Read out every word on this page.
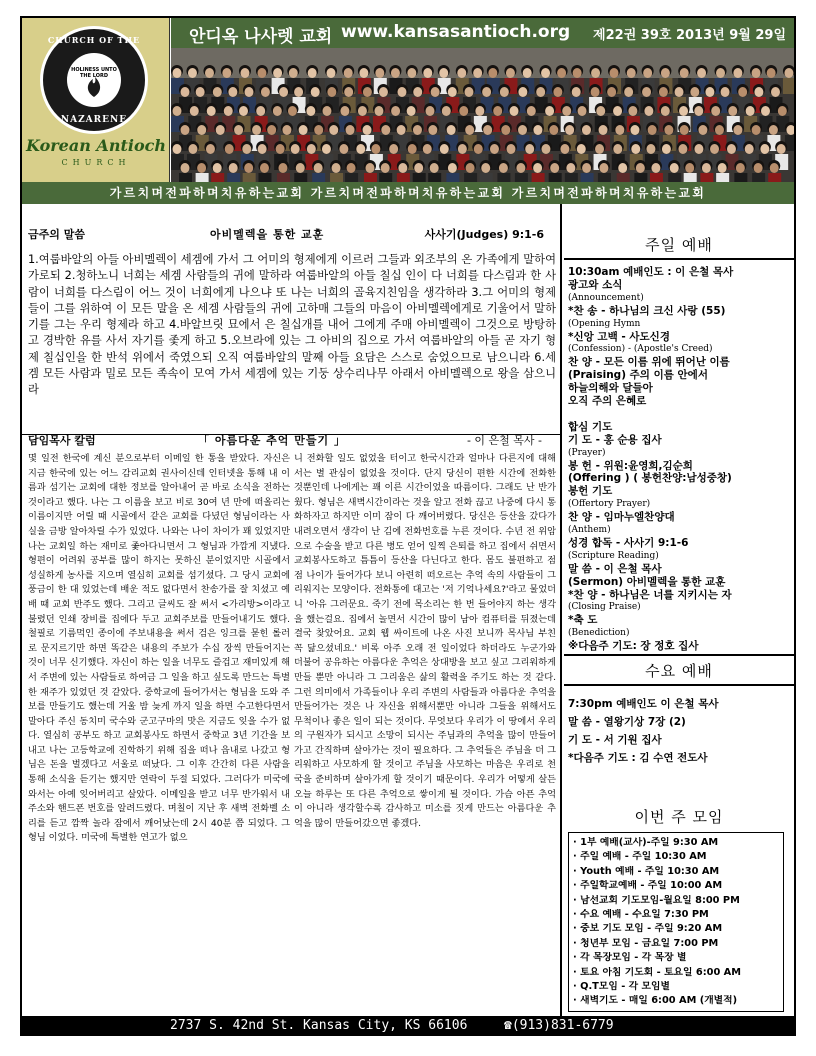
CHURCH OF THE
HOLINESS UNTO THE LORD
NAZARENE
Korean Antioch
CHURCH
안디옥 나사렛 교회 www.kansasantioch.org 제22권 39호 2013년 9월 29일
가르치며전파하며치유하는교회 가르치며전파하며치유하는교회 가르치며전파하며치유하는교회
금주의 말씀	아비멜렉을 통한 교훈	사사기(Judges) 9:1-6
1.여룹바알의 아들 아비멜렉이 세겜에 가서 그 어미의 형제에게 이르러 그들과 외조부의 온 가족에게 말하여 가로되 2.청하노니 너희는 세겜 사람들의 귀에 말하라 여룹바알의 아들 칠십 인이 다 너희를 다스림과 한 사람이 너희를 다스림이 어느 것이 너희에게 나으냐 또 나는 너희의 골육지친임을 생각하라 3.그 어미의 형제들이 그를 위하여 이 모든 말을 온 세겜 사람들의 귀에 고하매 그들의 마음이 아비멜렉에게로 기울어서 말하기를 그는 우리 형제라 하고 4.바알브릿 묘에서 은 칠십개를 내어 그에게 주매 아비멜렉이 그것으로 방탕하고 경박한 유를 사서 자기를 좇게 하고 5.오브라에 있는 그 아비의 집으로 가서 여룹바알의 아들 곧 자기 형제 칠십인을 한 반석 위에서 죽였으되 오직 여룹바알의 말째 아들 요담은 스스로 숨었으므로 남으니라 6.세겜 모든 사람과 밀로 모든 족속이 모여 가서 세겜에 있는 기둥 상수리나무 아래서 아비멜렉으로 왕을 삼으니라
담임목사 칼럼	「 아름다운 추억 만들기 」	- 이 은철 목사 -
몇 일전 한국에 계신 분으로부터 이메일 한 통을 받았다. 자신은 지금 한국에 있는 어느 감리교회 권사이신데 인터넷을 통해 내 이름과 섬기는 교회에 대한 정보를 알아내어 곧 바로 소식을 전하는 것이라고 했다. 나는 그 이름을 보고 비로 30여 년 만에 떠올리는 이름이지만 어릴 때 시골에서 같은 교회를 다녔던 형님이라는 사실을 금방 알아차릴 수가 있었다. 나와는 나이 차이가 꽤 있었지만 나는 교회일 하는 재미로 좇아다니면서 그 형님과 가깝게 지냈다. 형편이 어려워 공부를 많이 하지는 못하신 분이었지만 시골에서 성실하게 농사를 지으며 열심히 교회를 섬기셨다. 그 당시 교회에 풍금이 한 대 있었는데 배운 적도 없다면서 찬송가를 잘 치셨고 예배 때 교회 반주도 했다. 그리고 글씨도 잘 써서 <가리방>이라고 불렸던 인쇄 장비를 집에다 두고 교회주보를 만들어내기도 했다. 철필로 기름먹인 종이에 주보내용을 써서 검은 잉크를 묻힌 롤러로 문지르기만 하면 똑같은 내용의 주보가 수십 장씩 만들어지는 것이 너무 신기했다. 자신이 하는 일을 너무도 즐겁고 재미있게 해서 주변에 있는 사람들로 하여금 그 일을 하고 싶도록 만드는 특별한 재주가 있었던 것 같았다. 중학교에 들어가서는 형님을 도와 주보를 만들기도 했는데 거울 밤 늦게 까지 일을 하면 수고한다면서 말아다 주신 동치미 국수와 군고구마의 맛은 지금도 잊을 수가 없다. 열심히 공부도 하고 교회봉사도 하면서 중학교 3년 기간을 보내고 나는 고등학교에 진학하기 위해 집을 떠나 읍내로 나갔고 형님은 돈을 벌겠다고 서울로 떠났다. 그 이후 간간히 다른 사람을 통해 소식을 듣기는 했지만 연락이 두절 되었다. 그러다가 미국에 와서는 아예 잊어버리고 살았다. 이메일을 받고 너무 반가워서 내 주소와 핸드폰 번호를 알려드렸다. 며칠이 지난 후 새벽 전화벨 소리를 듣고 깜짝 놀라 잠에서 깨어났는데 2시 40분 쯤 되었다. 그 형님 이었다. 미국에 특별한 연고가 없으
니 전화할 일도 없었을 터이고 한국시간과 얼마나 다른지에 대해서는 별 관심이 없었을 것이다. 단지 당신이 편한 시간에 전화한 것뿐인데 나에게는 꽤 이른 시간이었을 따름이다. 그래도 난 반가웠다. 형님은 새벽시간이라는 것을 알고 전화 끊고 나중에 다시 통화하자고 하지만 이미 잠이 다 깨어버렸다. 당신은 등산을 갔다가 내려오면서 생각이 난 김에 전화번호를 누른 것이다. 수년 전 위암으로 수술을 받고 다른 병도 얻어 일찍 은퇴를 하고 집에서 쉬면서 교회봉사도하고 틈틈이 등산을 다닌다고 한다. 몸도 불편하고 점점 나이가 들어가다 보니 아련히 떠오르는 추억 속의 사람들이 그리워지는 모양이다. 전화통에 대고는 '저 기억나세요?'라고 물었더니 '아유 그러문요. 죽기 전에 목소리는 한 번 들어야지 하는 생각을 했는걸요. 집에서 놀면서 시간이 많이 남아 컴퓨터를 뒤졌는데 결국 찾았어요. 교회 웹 싸이트에 나온 사진 보니까 목사님 부친 꼭 닮으셨네요.' 비록 아주 오래 전 일이었다 하더라도 누군가와 더불어 공유하는 아름다운 추억은 상대방을 보고 싶고 그리워하게 만들 뿐만 아니라 그 그리움은 삶의 활력을 주기도 하는 것 같다. 그런 의미에서 가족들이나 우리 주변의 사람들과 아름다운 추억을 만들어가는 것은 나 자신을 위해서뿐만 아니라 그들을 위해서도 무척이나 좋은 일이 되는 것이다. 무엇보다 우리가 이 땅에서 우리의 구원자가 되시고 소망이 되시는 주님과의 추억을 많이 만들어가고 간직하며 살아가는 것이 필요하다. 그 추억들은 주님을 더 그리워하고 사모하게 할 것이고 주님을 사모하는 마음은 우리로 천국을 준비하며 살아가게 할 것이기 때문이다. 우리가 어떻게 살든 오늘 하루는 또 다른 추억으로 쌓이게 될 것이다. 가슴 아픈 추억이 아니라 생각할수록 감사하고 미소를 짓게 만드는 아름다운 추억을 많이 만들어갔으면 좋겠다.
주일 예배
10:30am 예배인도 : 이 은철 목사
광고와 소식
(Announcement)
*찬 송 - 하나님의 크신 사랑 (55)
(Opening Hymn
*신앙 고백 - 사도신경
(Confession) - (Apostle's Creed)
찬 양 - 모든 이름 위에 뛰어난 이름
(Praising) 주의 이름 안에서
하늘의해와 달들아
오직 주의 은혜로
합심 기도
기 도 - 홍 순용 집사
(Prayer)
봉 헌 - 위원:윤영희,김순희
(Offering ) ( 봉헌찬양:남성중창)
봉헌 기도
(Offertory Prayer)
찬 양 - 임마누엘찬양대
(Anthem)
성경 합독 - 사사기 9:1-6
(Scripture Reading)
말 씀 - 이 은철 목사
(Sermon) 아비멜렉을 통한 교훈
*찬 양 - 하나님은 너를 지키시는 자
(Closing Praise)
*축 도
(Benediction)
※다음주 기도: 장 정호 집사
수요 예배
7:30pm 예배인도 이 은철 목사
말 씀 - 열왕기상 7장 (2)
기 도 - 서 기원 집사
*다음주 기도 : 김 수연 전도사
이번 주 모임
· 1부 예배(교사)-주일 9:30 AM
· 주일 예배 - 주일 10:30 AM
· Youth 예배 - 주일 10:30 AM
· 주일학교예배 - 주일 10:00 AM
· 남선교회 기도모임-월요일 8:00 PM
· 수요 예배 - 수요일 7:30 PM
· 중보 기도 모임 - 주일 9:20 AM
· 청년부 모임 - 금요일 7:00 PM
· 각 목장모임 - 각 목장 별
· 토요 아침 기도회 - 토요일 6:00 AM
· Q.T모임 - 각 모임별
· 새벽기도 - 매일 6:00 AM (개별적)
2737 S. 42nd St. Kansas City, KS 66106	☎(913)831-6779
